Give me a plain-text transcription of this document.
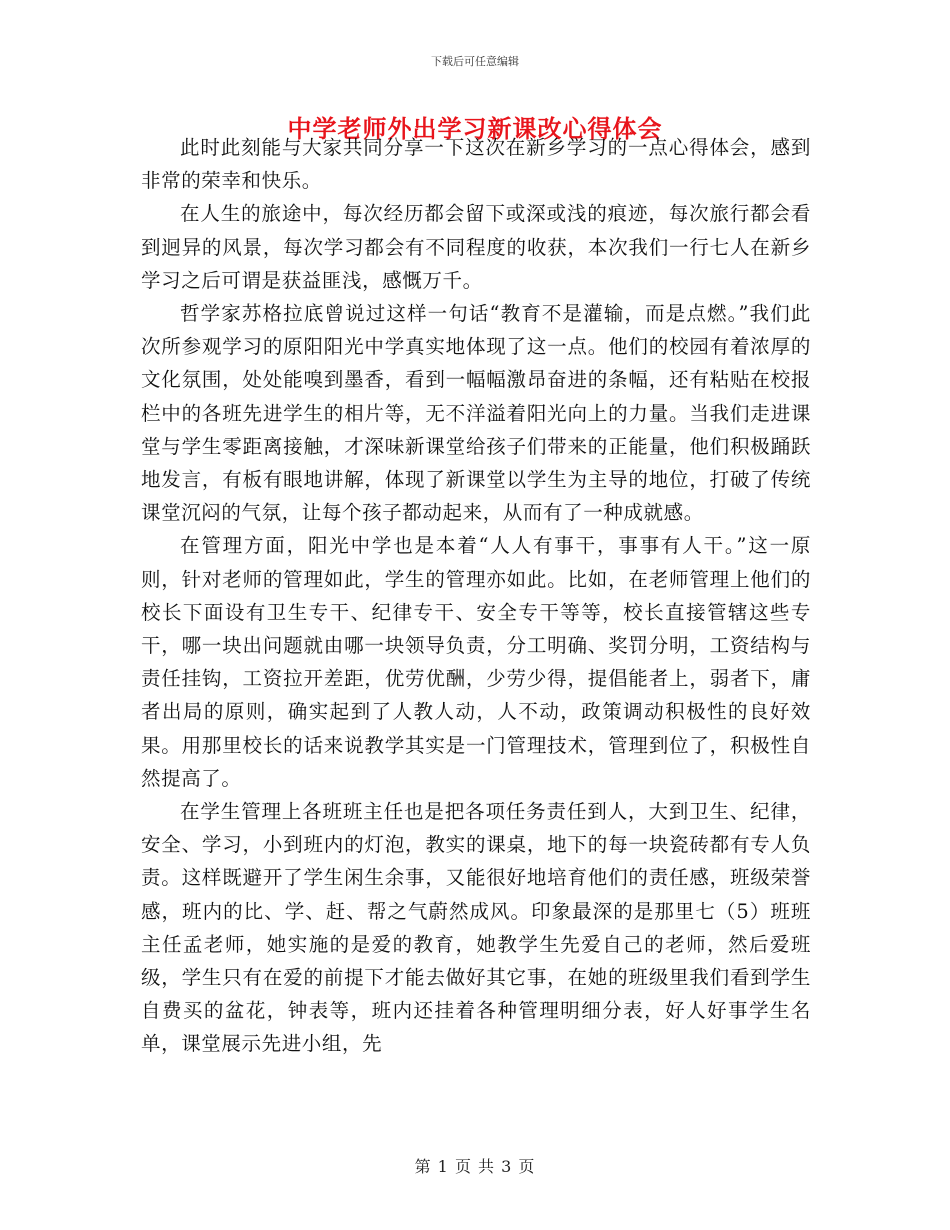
下载后可任意编辑
中学老师外出学习新课改心得体会

此时此刻能与大家共同分享一下这次在新乡学习的一点心得体会，感到非常的荣幸和快乐。

在人生的旅途中，每次经历都会留下或深或浅的痕迹，每次旅行都会看到迥异的风景，每次学习都会有不同程度的收获，本次我们一行七人在新乡学习之后可谓是获益匪浅，感慨万千。

哲学家苏格拉底曾说过这样一句话“教育不是灌输，而是点燃。”我们此次所参观学习的原阳阳光中学真实地体现了这一点。他们的校园有着浓厚的文化氛围，处处能嗅到墨香，看到一幅幅激昂奋进的条幅，还有粘贴在校报栏中的各班先进学生的相片等，无不洋溢着阳光向上的力量。当我们走进课堂与学生零距离接触，才深味新课堂给孩子们带来的正能量，他们积极踊跃地发言，有板有眼地讲解，体现了新课堂以学生为主导的地位，打破了传统课堂沉闷的气氛，让每个孩子都动起来，从而有了一种成就感。

在管理方面，阳光中学也是本着“人人有事干，事事有人干。”这一原则，针对老师的管理如此，学生的管理亦如此。比如，在老师管理上他们的校长下面设有卫生专干、纪律专干、安全专干等等，校长直接管辖这些专干，哪一块出问题就由哪一块领导负责，分工明确、奖罚分明，工资结构与责任挂钩，工资拉开差距，优劳优酬，少劳少得，提倡能者上，弱者下，庸者出局的原则，确实起到了人教人动，人不动，政策调动积极性的良好效果。用那里校长的话来说教学其实是一门管理技术，管理到位了，积极性自然提高了。

在学生管理上各班班主任也是把各项任务责任到人，大到卫生、纪律，安全、学习，小到班内的灯泡，教实的课桌，地下的每一块瓷砖都有专人负责。这样既避开了学生闲生余事，又能很好地培育他们的责任感，班级荣誉感，班内的比、学、赶、帮之气蔚然成风。印象最深的是那里七（5）班班主任孟老师，她实施的是爱的教育，她教学生先爱自己的老师，然后爱班级，学生只有在爱的前提下才能去做好其它事，在她的班级里我们看到学生自费买的盆花，钟表等，班内还挂着各种管理明细分表，好人好事学生名单，课堂展示先进小组，先

第 1 页 共 3 页
